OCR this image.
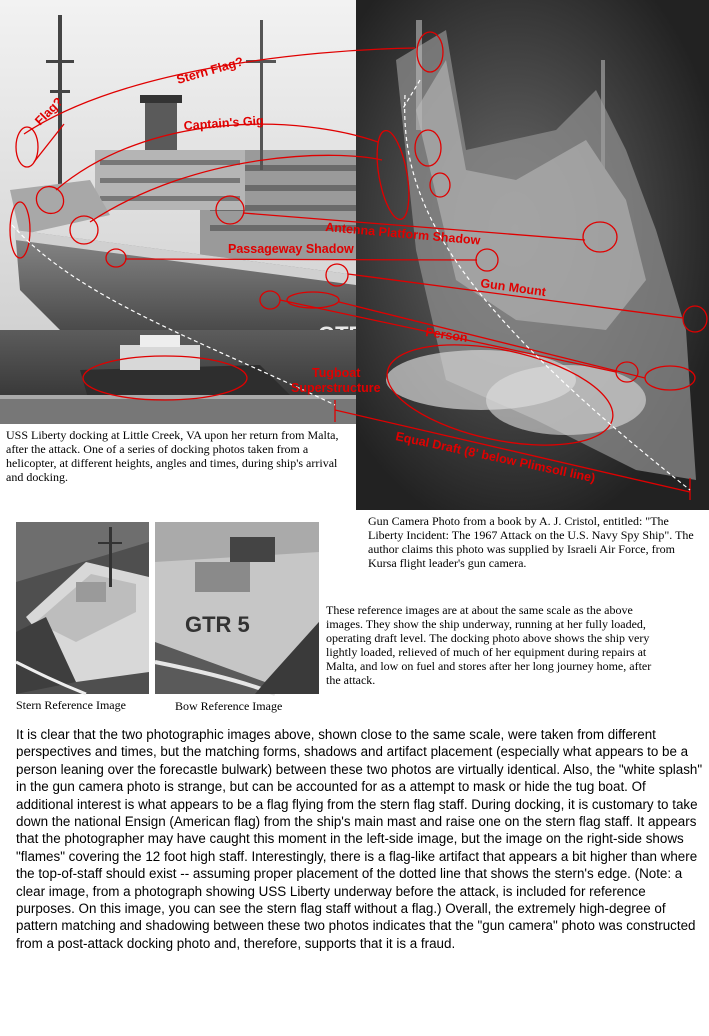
Stern Flag?
Flag?	Captain's Gig
Antenna Platform Shadow
Passageway Shadow
Gun Mount
Person
Tugboat
Superstructure
Equal Draft (8' below Plimsoll line)
USS Liberty docking at Little Creek, VA upon her return from Malta, after the attack. One of a series of docking photos taken from a helicopter, at different heights, angles and times, during ship's arrival and docking.
Gun Camera Photo from a book by A. J. Cristol, entitled: "The Liberty Incident: The 1967 Attack on the U.S. Navy Spy Ship". The author claims this photo was supplied by Israeli Air Force, from Kursa flight leader's gun camera.
GTR 5
Stern Reference Image	Bow Reference Image
These reference images are at about the same scale as the above images. They show the ship underway, running at her fully loaded, operating draft level. The docking photo above shows the ship very lightly loaded, relieved of much of her equipment during repairs at Malta, and low on fuel and stores after her long journey home, after the attack.
It is clear that the two photographic images above, shown close to the same scale, were taken from different perspectives and times, but the matching forms, shadows and artifact placement (especially what appears to be a person leaning over the forecastle bulwark) between these two photos are virtually identical. Also, the "white splash" in the gun camera photo is strange, but can be accounted for as a attempt to mask or hide the tug boat. Of additional interest is what appears to be a flag flying from the stern flag staff. During docking, it is customary to take down the national Ensign (American flag) from the ship's main mast and raise one on the stern flag staff. It appears that the photographer may have caught this moment in the left-side image, but the image on the right-side shows "flames" covering the 12 foot high staff. Interestingly, there is a flag-like artifact that appears a bit higher than where the top-of-staff should exist -- assuming proper placement of the dotted line that shows the stern's edge. (Note: a clear image, from a photograph showing USS Liberty underway before the attack, is included for reference purposes. On this image, you can see the stern flag staff without a flag.) Overall, the extremely high-degree of pattern matching and shadowing between these two photos indicates that the "gun camera" photo was constructed from a post-attack docking photo and, therefore, supports that it is a fraud.
